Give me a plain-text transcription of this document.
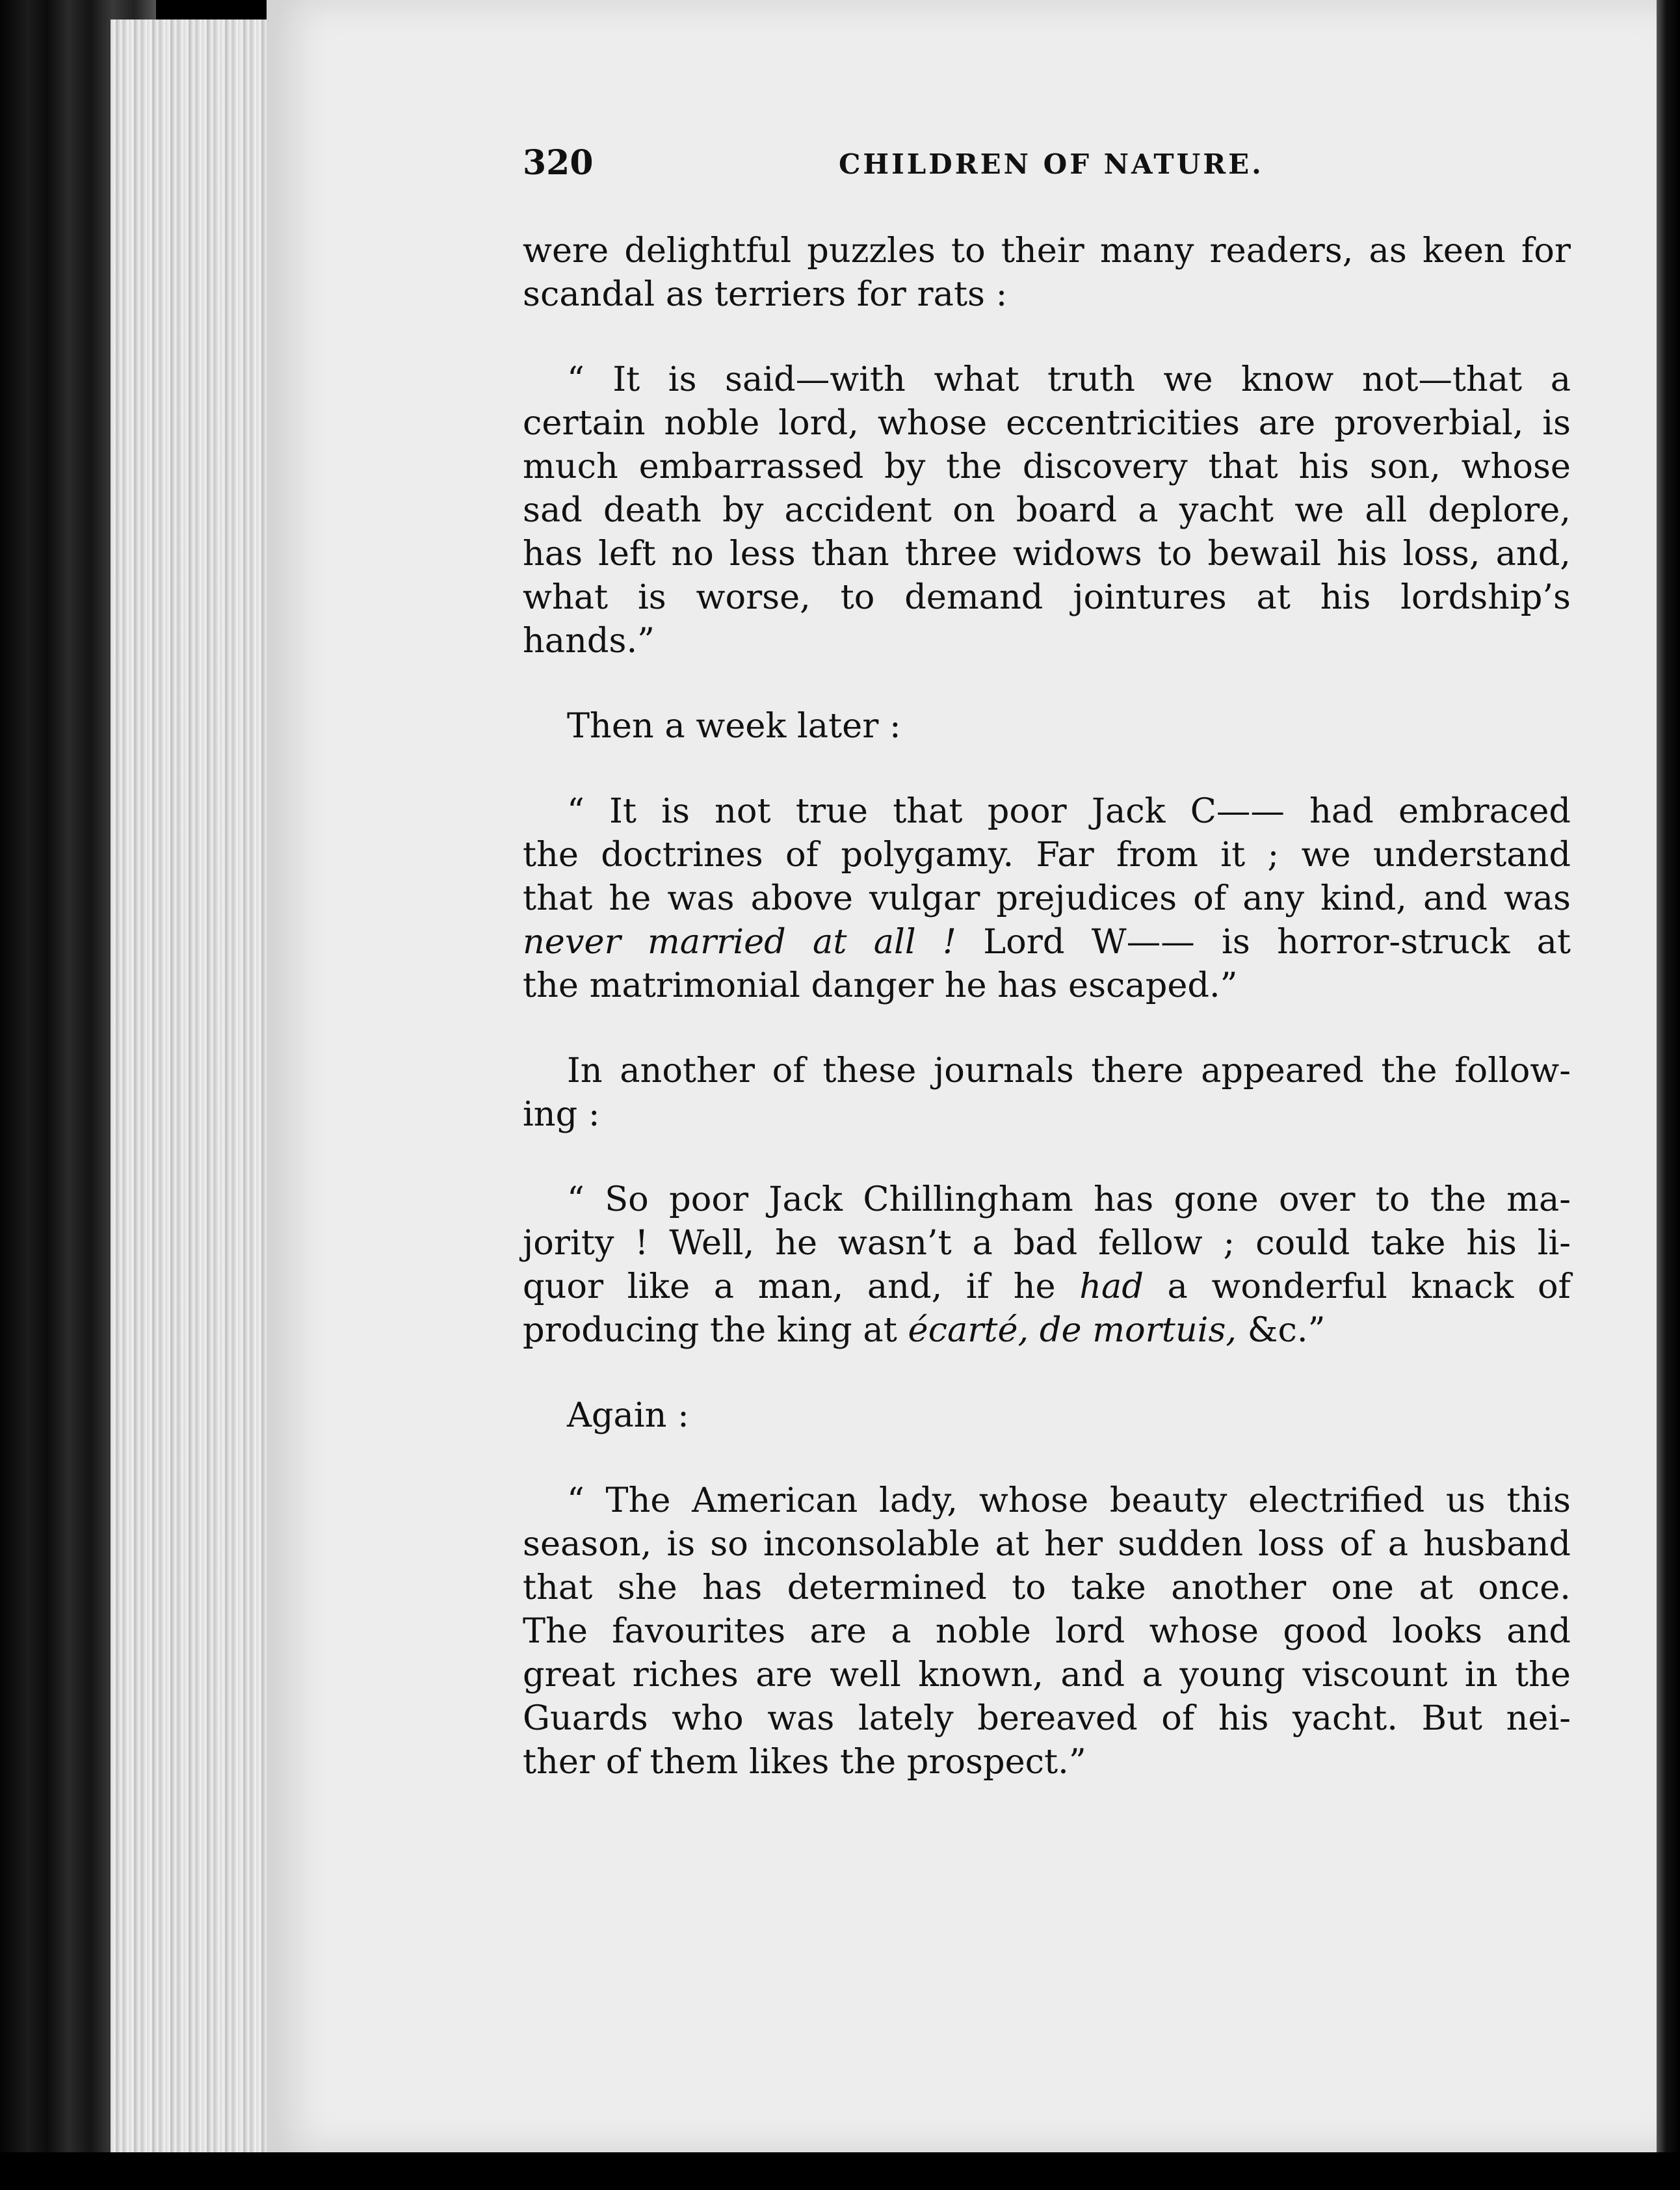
320	CHILDREN OF NATURE.

were delightful puzzles to their many readers, as keen for
scandal as terriers for rats :

“ It is said—with what truth we know not—that a
certain noble lord, whose eccentricities are proverbial, is
much embarrassed by the discovery that his son, whose
sad death by accident on board a yacht we all deplore,
has left no less than three widows to bewail his loss, and,
what is worse, to demand jointures at his lordship’s
hands.”

Then a week later :

“ It is not true that poor Jack C—— had embraced
the doctrines of polygamy. Far from it ; we understand
that he was above vulgar prejudices of any kind, and was
never married at all ! Lord W—— is horror-struck at
the matrimonial danger he has escaped.”

In another of these journals there appeared the follow-
ing :

“ So poor Jack Chillingham has gone over to the ma-
jority ! Well, he wasn’t a bad fellow ; could take his li-
quor like a man, and, if he had a wonderful knack of
producing the king at écarté, de mortuis, &c.”

Again :

“ The American lady, whose beauty electrified us this
season, is so inconsolable at her sudden loss of a husband
that she has determined to take another one at once.
The favourites are a noble lord whose good looks and
great riches are well known, and a young viscount in the
Guards who was lately bereaved of his yacht. But nei-
ther of them likes the prospect.”
